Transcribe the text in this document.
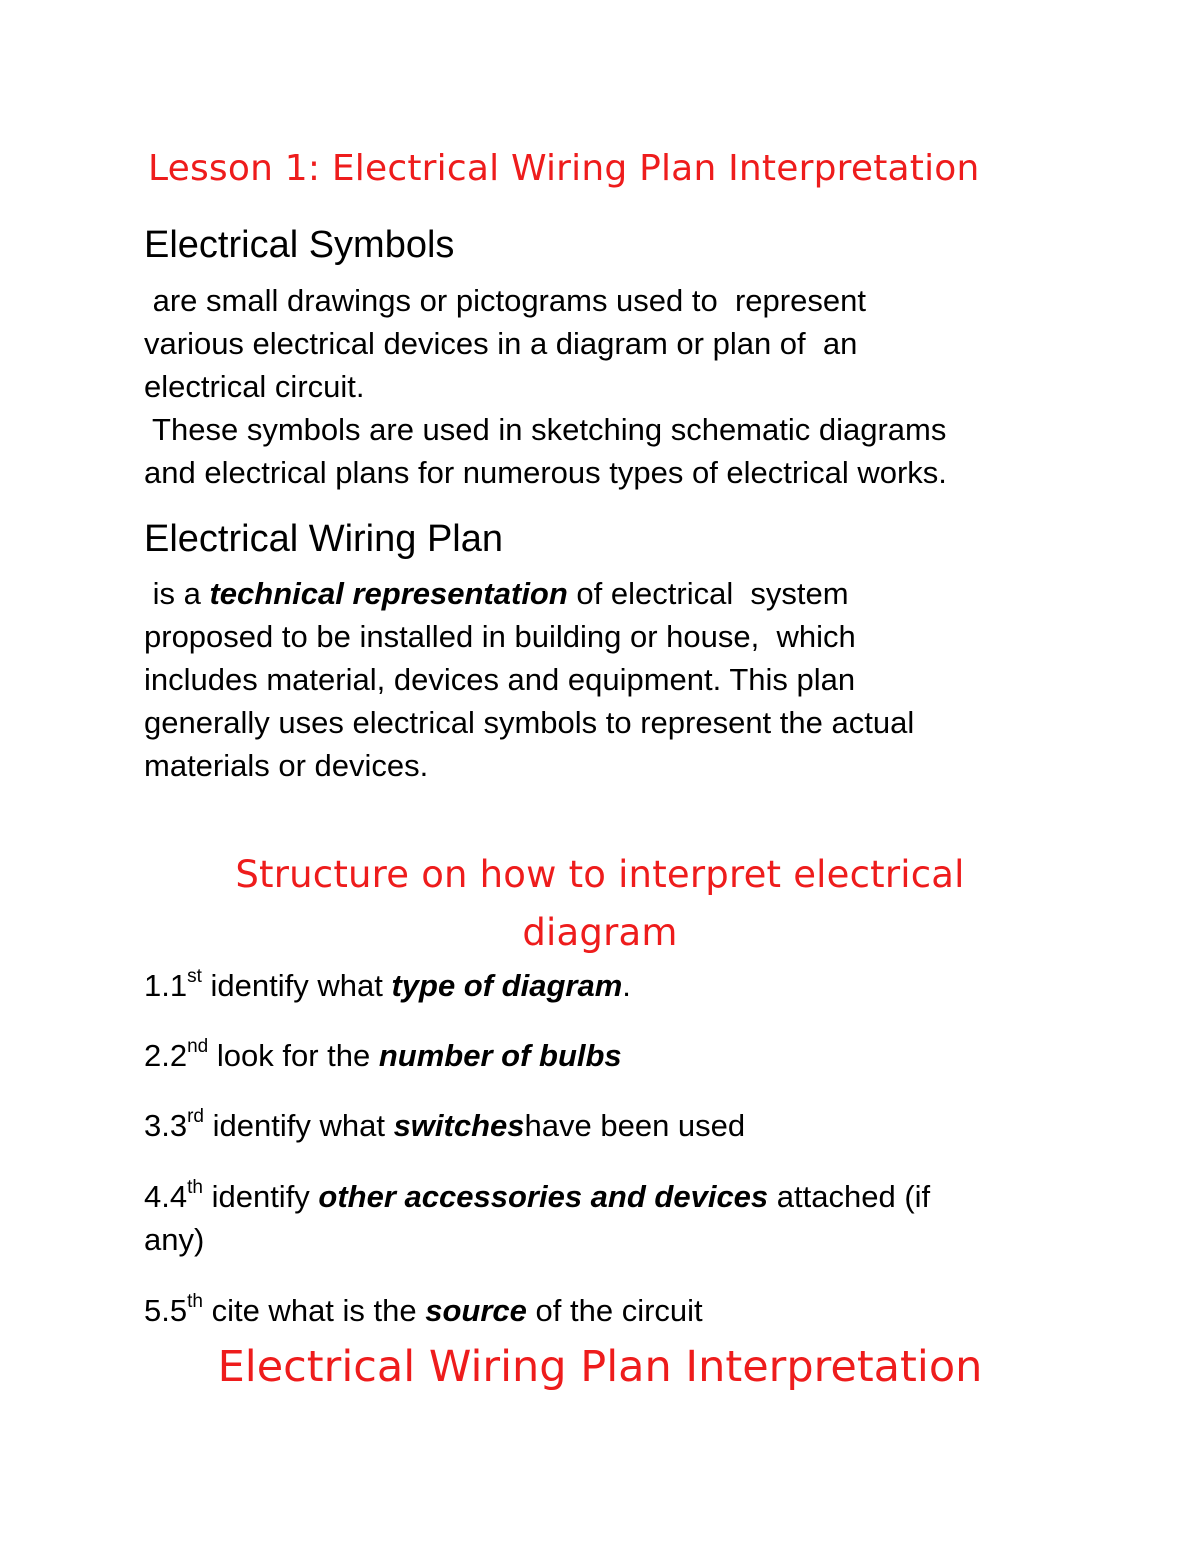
Lesson 1: Electrical Wiring Plan Interpretation
Electrical Symbols
are small drawings or pictograms used to  represent
various electrical devices in a diagram or plan of  an
electrical circuit.
These symbols are used in sketching schematic diagrams
and electrical plans for numerous types of electrical works.
Electrical Wiring Plan
is a technical representation of electrical  system
proposed to be installed in building or house,  which
includes material, devices and equipment. This plan
generally uses electrical symbols to represent the actual
materials or devices.
Structure on how to interpret electrical
diagram
1.1st identify what type of diagram.
2.2nd look for the number of bulbs
3.3rd identify what switcheshave been used
4.4th identify other accessories and devices attached (if
any)
5.5th cite what is the source of the circuit
Electrical Wiring Plan Interpretation
